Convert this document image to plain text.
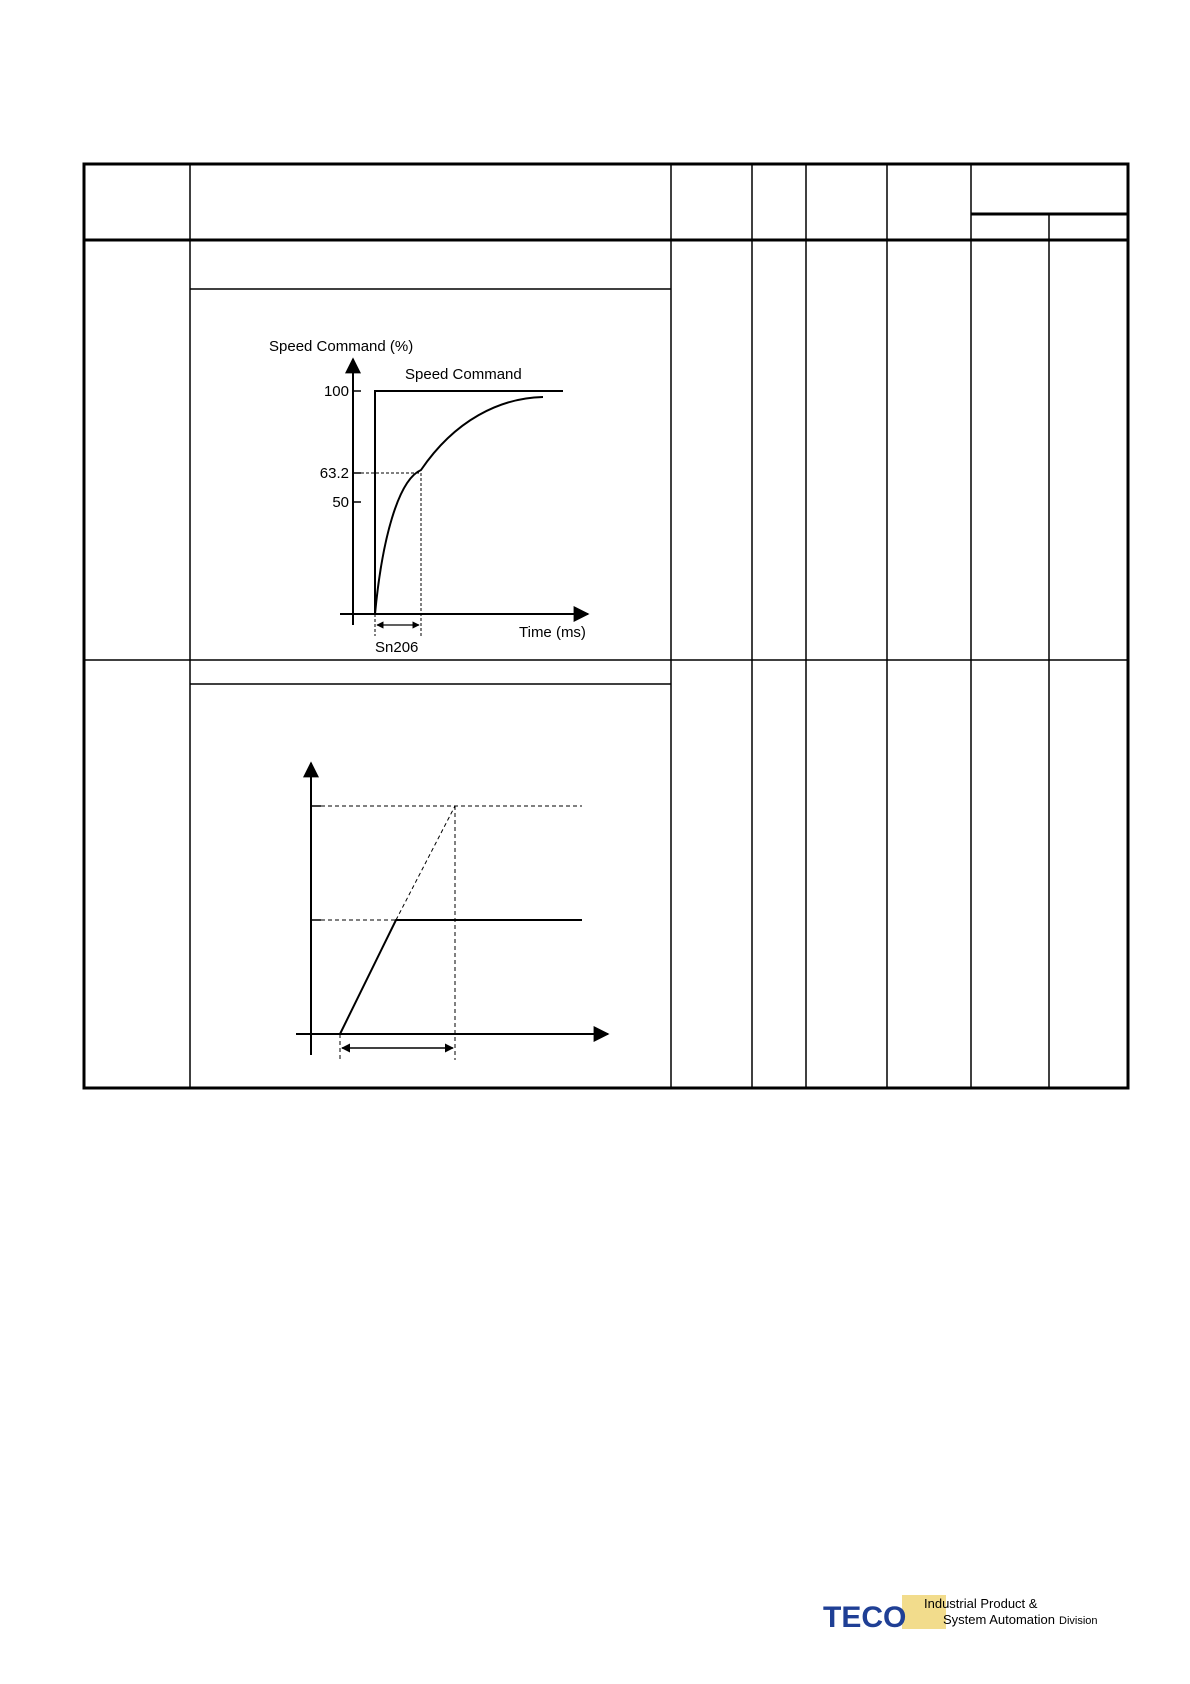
Speed Command (%)
Speed Command
100
63.2
50
Time (ms)
Sn206
TECO Industrial Product &
System Automation Division
